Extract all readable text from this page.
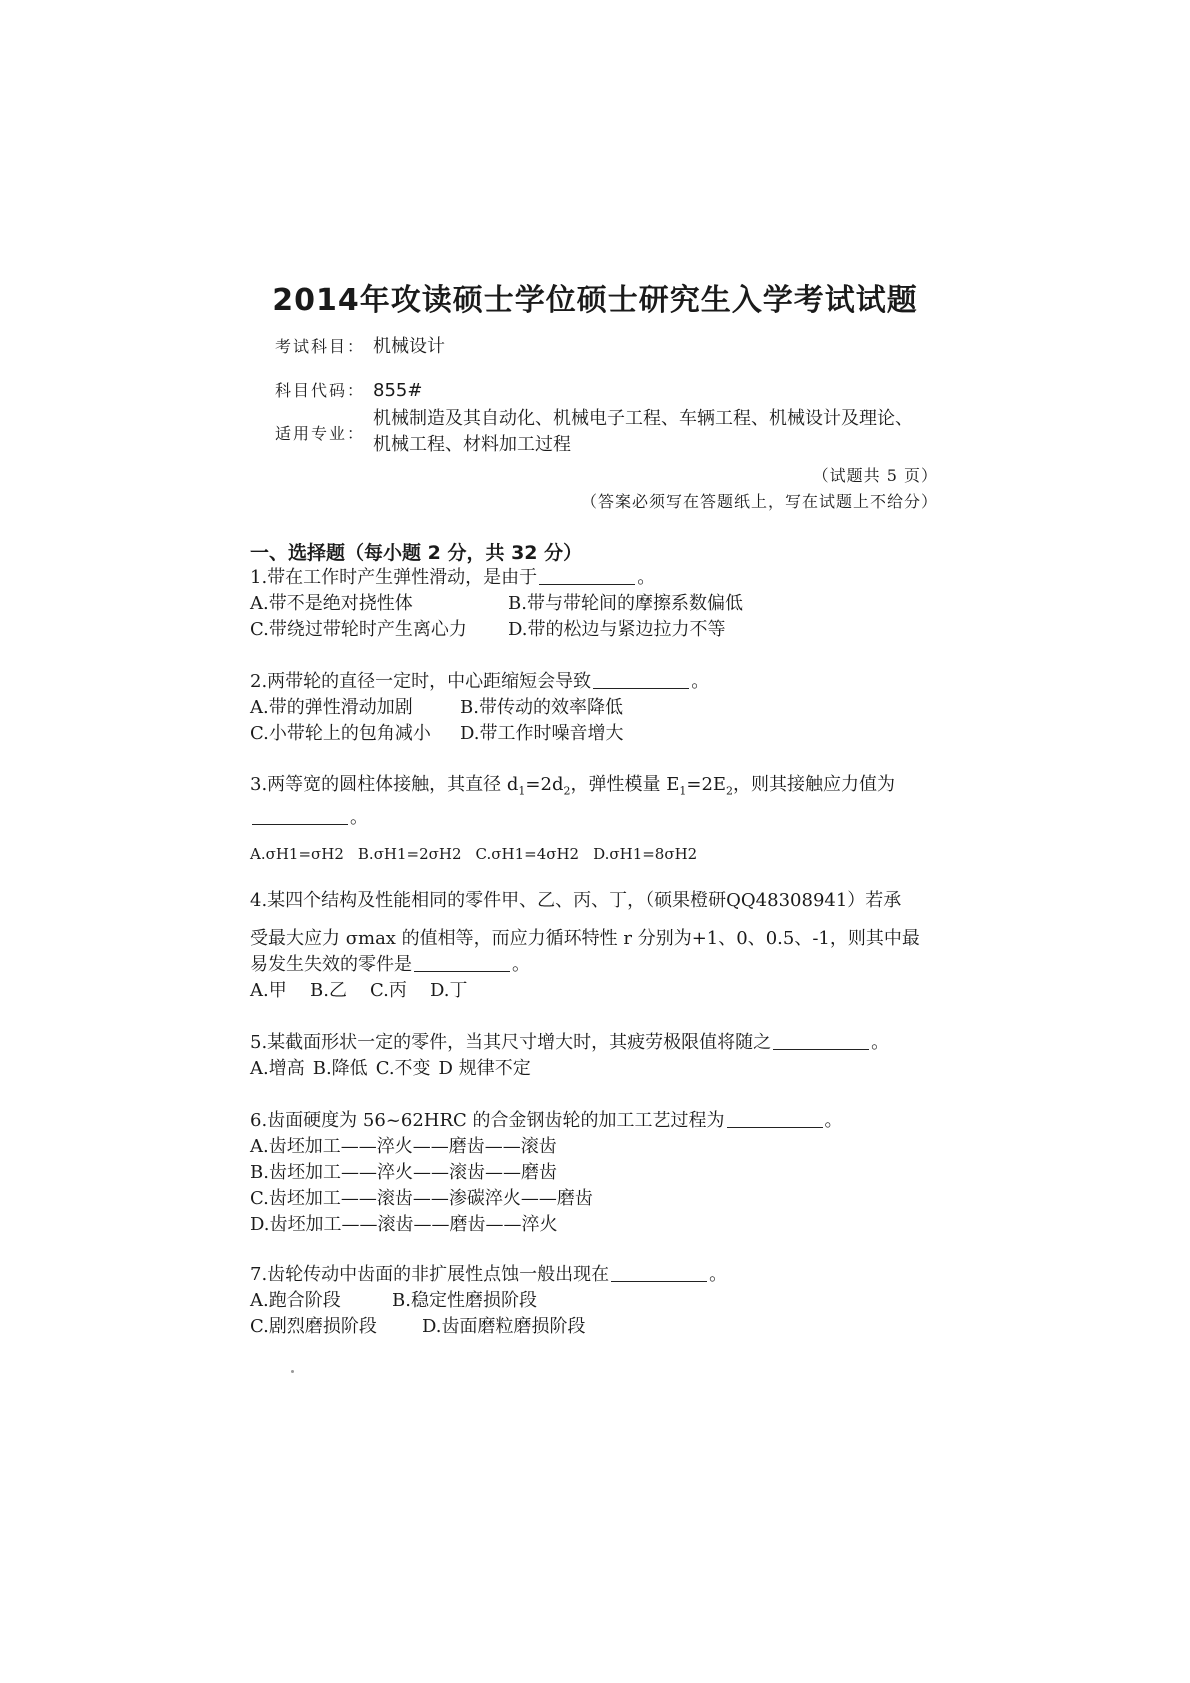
2014年攻读硕士学位硕士研究生入学考试试题
考试科目： 机械设计
科目代码： 855#
适用专业：
机械制造及其自动化、机械电子工程、车辆工程、机械设计及理论、
机械工程、材料加工过程
（试题共 5 页）
（答案必须写在答题纸上，写在试题上不给分）
一、选择题（每小题 2 分，共 32 分）
1.带在工作时产生弹性滑动，是由于	。
A.带不是绝对挠性体	B.带与带轮间的摩擦系数偏低
C.带绕过带轮时产生离心力	D.带的松边与紧边拉力不等
2.两带轮的直径一定时，中心距缩短会导致	。
A.带的弹性滑动加剧	B.带传动的效率降低
C.小带轮上的包角减小	D.带工作时噪音增大
3.两等宽的圆柱体接触，其直径 $d_1=2d_2$，弹性模量 $E_1=2E_2$，则其接触应力值为
。
A.σH1=σH2 B.σH1=2σH2 C.σH1=4σH2 D.σH1=8σH2
4.某四个结构及性能相同的零件甲、乙、丙、丁，（硕果橙研QQ48308941）若承
受最大应力 σmax 的值相等，而应力循环特性 r 分别为+1、0、0.5、-1，则其中最
易发生失效的零件是	。
A.甲	B.乙	C.丙	D.丁
5.某截面形状一定的零件，当其尺寸增大时，其疲劳极限值将随之	。
A.增高 B.降低 C.不变 D 规律不定
6.齿面硬度为 56~62HRC 的合金钢齿轮的加工工艺过程为	。
A.齿坯加工——淬火——磨齿——滚齿
B.齿坯加工——淬火——滚齿——磨齿
C.齿坯加工——滚齿——渗碳淬火——磨齿
D.齿坯加工——滚齿——磨齿——淬火
7.齿轮传动中齿面的非扩展性点蚀一般出现在	。
A.跑合阶段	B.稳定性磨损阶段
C.剧烈磨损阶段	D.齿面磨粒磨损阶段
